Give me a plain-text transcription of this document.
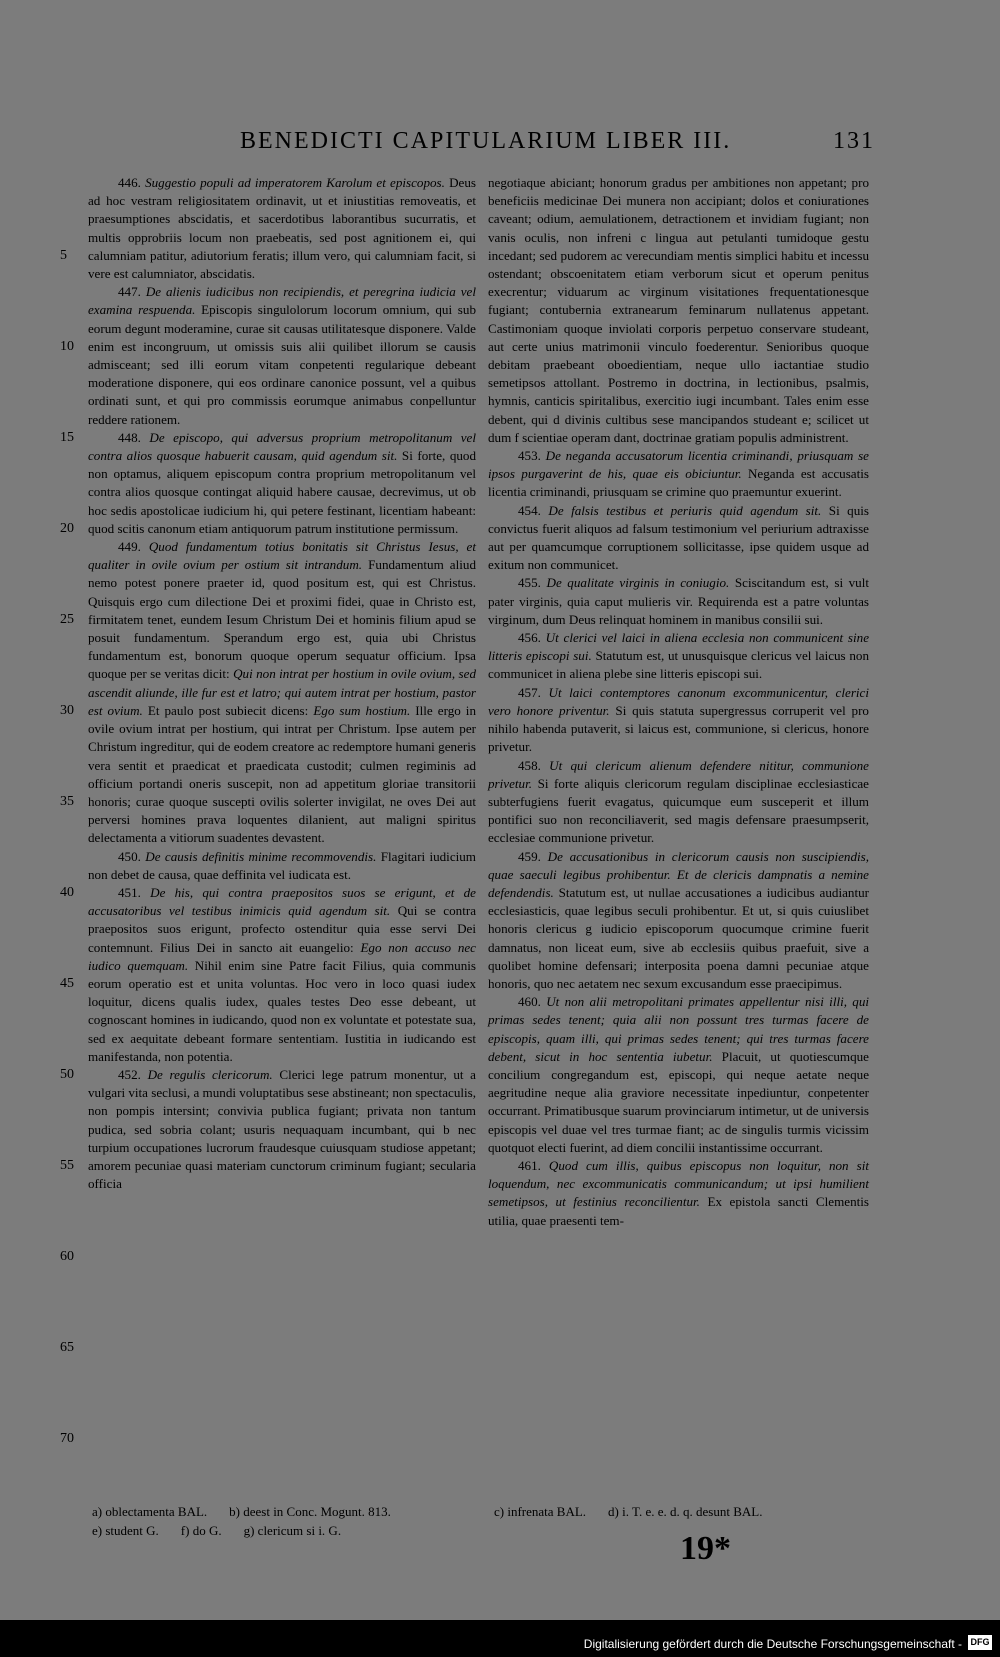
BENEDICTI CAPITULARIUM LIBER III.	131
5
10
15
20
25
30
35
40
45
50
55
60
65
70

446. Suggestio populi ad imperatorem Karolum et episcopos. Deus ad hoc vestram religiositatem ordinavit, ut et iniustitias removeatis, et praesumptiones abscidatis, et sacerdotibus laborantibus sucurratis, et multis opprobriis locum non praebeatis, sed post agnitionem ei, qui calumniam patitur, adiutorium feratis; illum vero, qui calumniam facit, si vere est calumniator, abscidatis.

447. De alienis iudicibus non recipiendis, et peregrina iudicia vel examina respuenda. Episcopis singulolorum locorum omnium, qui sub eorum degunt moderamine, curae sit causas utilitatesque disponere. Valde enim est incongruum, ut omissis suis alii quilibet illorum se causis admisceant; sed illi eorum vitam conpetenti regularique debeant moderatione disponere, qui eos ordinare canonice possunt, vel a quibus ordinati sunt, et qui pro commissis eorumque animabus conpelluntur reddere rationem.

448. De episcopo, qui adversus proprium metropolitanum vel contra alios quosque habuerit causam, quid agendum sit. Si forte, quod non optamus, aliquem episcopum contra proprium metropolitanum vel contra alios quosque contingat aliquid habere causae, decrevimus, ut ob hoc sedis apostolicae iudicium hi, qui petere festinant, licentiam habeant: quod scitis canonum etiam antiquorum patrum institutione permissum.

449. Quod fundamentum totius bonitatis sit Christus Iesus, et qualiter in ovile ovium per ostium sit intrandum. Fundamentum aliud nemo potest ponere praeter id, quod positum est, qui est Christus. Quisquis ergo cum dilectione Dei et proximi fidei, quae in Christo est, firmitatem tenet, eundem Iesum Christum Dei et hominis filium apud se posuit fundamentum. Sperandum ergo est, quia ubi Christus fundamentum est, bonorum quoque operum sequatur officium. Ipsa quoque per se veritas dicit: Qui non intrat per hostium in ovile ovium, sed ascendit aliunde, ille fur est et latro; qui autem intrat per hostium, pastor est ovium. Et paulo post subiecit dicens: Ego sum hostium. Ille ergo in ovile ovium intrat per hostium, qui intrat per Christum. Ipse autem per Christum ingreditur, qui de eodem creatore ac redemptore humani generis vera sentit et praedicat et praedicata custodit; culmen regiminis ad officium portandi oneris suscepit, non ad appetitum gloriae transitorii honoris; curae quoque suscepti ovilis solerter invigilat, ne oves Dei aut perversi homines prava loquentes dilanient, aut maligni spiritus delectamenta a vitiorum suadentes devastent.

450. De causis definitis minime recommovendis. Flagitari iudicium non debet de causa, quae deffinita vel iudicata est.

451. De his, qui contra praepositos suos se erigunt, et de accusatoribus vel testibus inimicis quid agendum sit. Qui se contra praepositos suos erigunt, profecto ostenditur quia esse servi Dei contemnunt. Filius Dei in sancto ait euangelio: Ego non accuso nec iudico quemquam. Nihil enim sine Patre facit Filius, quia communis eorum operatio est et unita voluntas. Hoc vero in loco quasi iudex loquitur, dicens qualis iudex, quales testes Deo esse debeant, ut cognoscant homines in iudicando, quod non ex voluntate et potestate sua, sed ex aequitate debeant formare sententiam. Iustitia in iudicando est manifestanda, non potentia.

452. De regulis clericorum. Clerici lege patrum monentur, ut a vulgari vita seclusi, a mundi voluptatibus sese abstineant; non spectaculis, non pompis intersint; convivia publica fugiant; privata non tantum pudica, sed sobria colant; usuris nequaquam incumbant, qui b nec turpium occupationes lucrorum fraudesque cuiusquam studiose appetant; amorem pecuniae quasi materiam cunctorum criminum fugiant; secularia officia

negotiaque abiciant; honorum gradus per ambitiones non appetant; pro beneficiis medicinae Dei munera non accipiant; dolos et coniurationes caveant; odium, aemulationem, detractionem et invidiam fugiant; non vanis oculis, non infreni c lingua aut petulanti tumidoque gestu incedant; sed pudorem ac verecundiam mentis simplici habitu et incessu ostendant; obscoenitatem etiam verborum sicut et operum penitus execrentur; viduarum ac virginum visitationes frequentationesque fugiant; contubernia extranearum feminarum nullatenus appetant. Castimoniam quoque inviolati corporis perpetuo conservare studeant, aut certe unius matrimonii vinculo foederentur. Senioribus quoque debitam praebeant oboedientiam, neque ullo iactantiae studio semetipsos attollant. Postremo in doctrina, in lectionibus, psalmis, hymnis, canticis spiritalibus, exercitio iugi incumbant. Tales enim esse debent, qui d divinis cultibus sese mancipandos studeant e; scilicet ut dum f scientiae operam dant, doctrinae gratiam populis administrent.

453. De neganda accusatorum licentia criminandi, priusquam se ipsos purgaverint de his, quae eis obiciuntur. Neganda est accusatis licentia criminandi, priusquam se crimine quo praemuntur exuerint.

454. De falsis testibus et periuris quid agendum sit. Si quis convictus fuerit aliquos ad falsum testimonium vel periurium adtraxisse aut per quamcumque corruptionem sollicitasse, ipse quidem usque ad exitum non communicet.

455. De qualitate virginis in coniugio. Sciscitandum est, si vult pater virginis, quia caput mulieris vir. Requirenda est a patre voluntas virginum, dum Deus relinquat hominem in manibus consilii sui.

456. Ut clerici vel laici in aliena ecclesia non communicent sine litteris episcopi sui. Statutum est, ut unusquisque clericus vel laicus non communicet in aliena plebe sine litteris episcopi sui.

457. Ut laici contemptores canonum excommunicentur, clerici vero honore priventur. Si quis statuta supergressus corruperit vel pro nihilo habenda putaverit, si laicus est, communione, si clericus, honore privetur.

458. Ut qui clericum alienum defendere nititur, communione privetur. Si forte aliquis clericorum regulam disciplinae ecclesiasticae subterfugiens fuerit evagatus, quicumque eum susceperit et illum pontifici suo non reconciliaverit, sed magis defensare praesumpserit, ecclesiae communione privetur.

459. De accusationibus in clericorum causis non suscipiendis, quae saeculi legibus prohibentur. Et de clericis dampnatis a nemine defendendis. Statutum est, ut nullae accusationes a iudicibus audiantur ecclesiasticis, quae legibus seculi prohibentur. Et ut, si quis cuiuslibet honoris clericus g iudicio episcoporum quocumque crimine fuerit damnatus, non liceat eum, sive ab ecclesiis quibus praefuit, sive a quolibet homine defensari; interposita poena damni pecuniae atque honoris, quo nec aetatem nec sexum excusandum esse praecipimus.

460. Ut non alii metropolitani primates appellentur nisi illi, qui primas sedes tenent; quia alii non possunt tres turmas facere de episcopis, quam illi, qui primas sedes tenent; qui tres turmas facere debent, sicut in hoc sententia iubetur. Placuit, ut quotiescumque concilium congregandum est, episcopi, qui neque aetate neque aegritudine neque alia graviore necessitate inpediuntur, conpetenter occurrant. Primatibusque suarum provinciarum intimetur, ut de universis episcopis vel duae vel tres turmae fiant; ac de singulis turmis vicissim quotquot electi fuerint, ad diem concilii instantissime occurrant.

461. Quod cum illis, quibus episcopus non loquitur, non sit loquendum, nec excommunicatis communicandum; ut ipsi humilient semetipsos, ut festinius reconcilientur. Ex epistola sancti Clementis utilia, quae praesenti tem-

a) oblectamenta BAL. b) deest in Conc. Mogunt. 813.e) student G. f) do G. g) clericum si i. G.
c) infrenata BAL. d) i. T. e. e. d. q. desunt BAL.
19*
Digitalisierung gefördert durch die Deutsche Forschungsgemeinschaft - DFG
